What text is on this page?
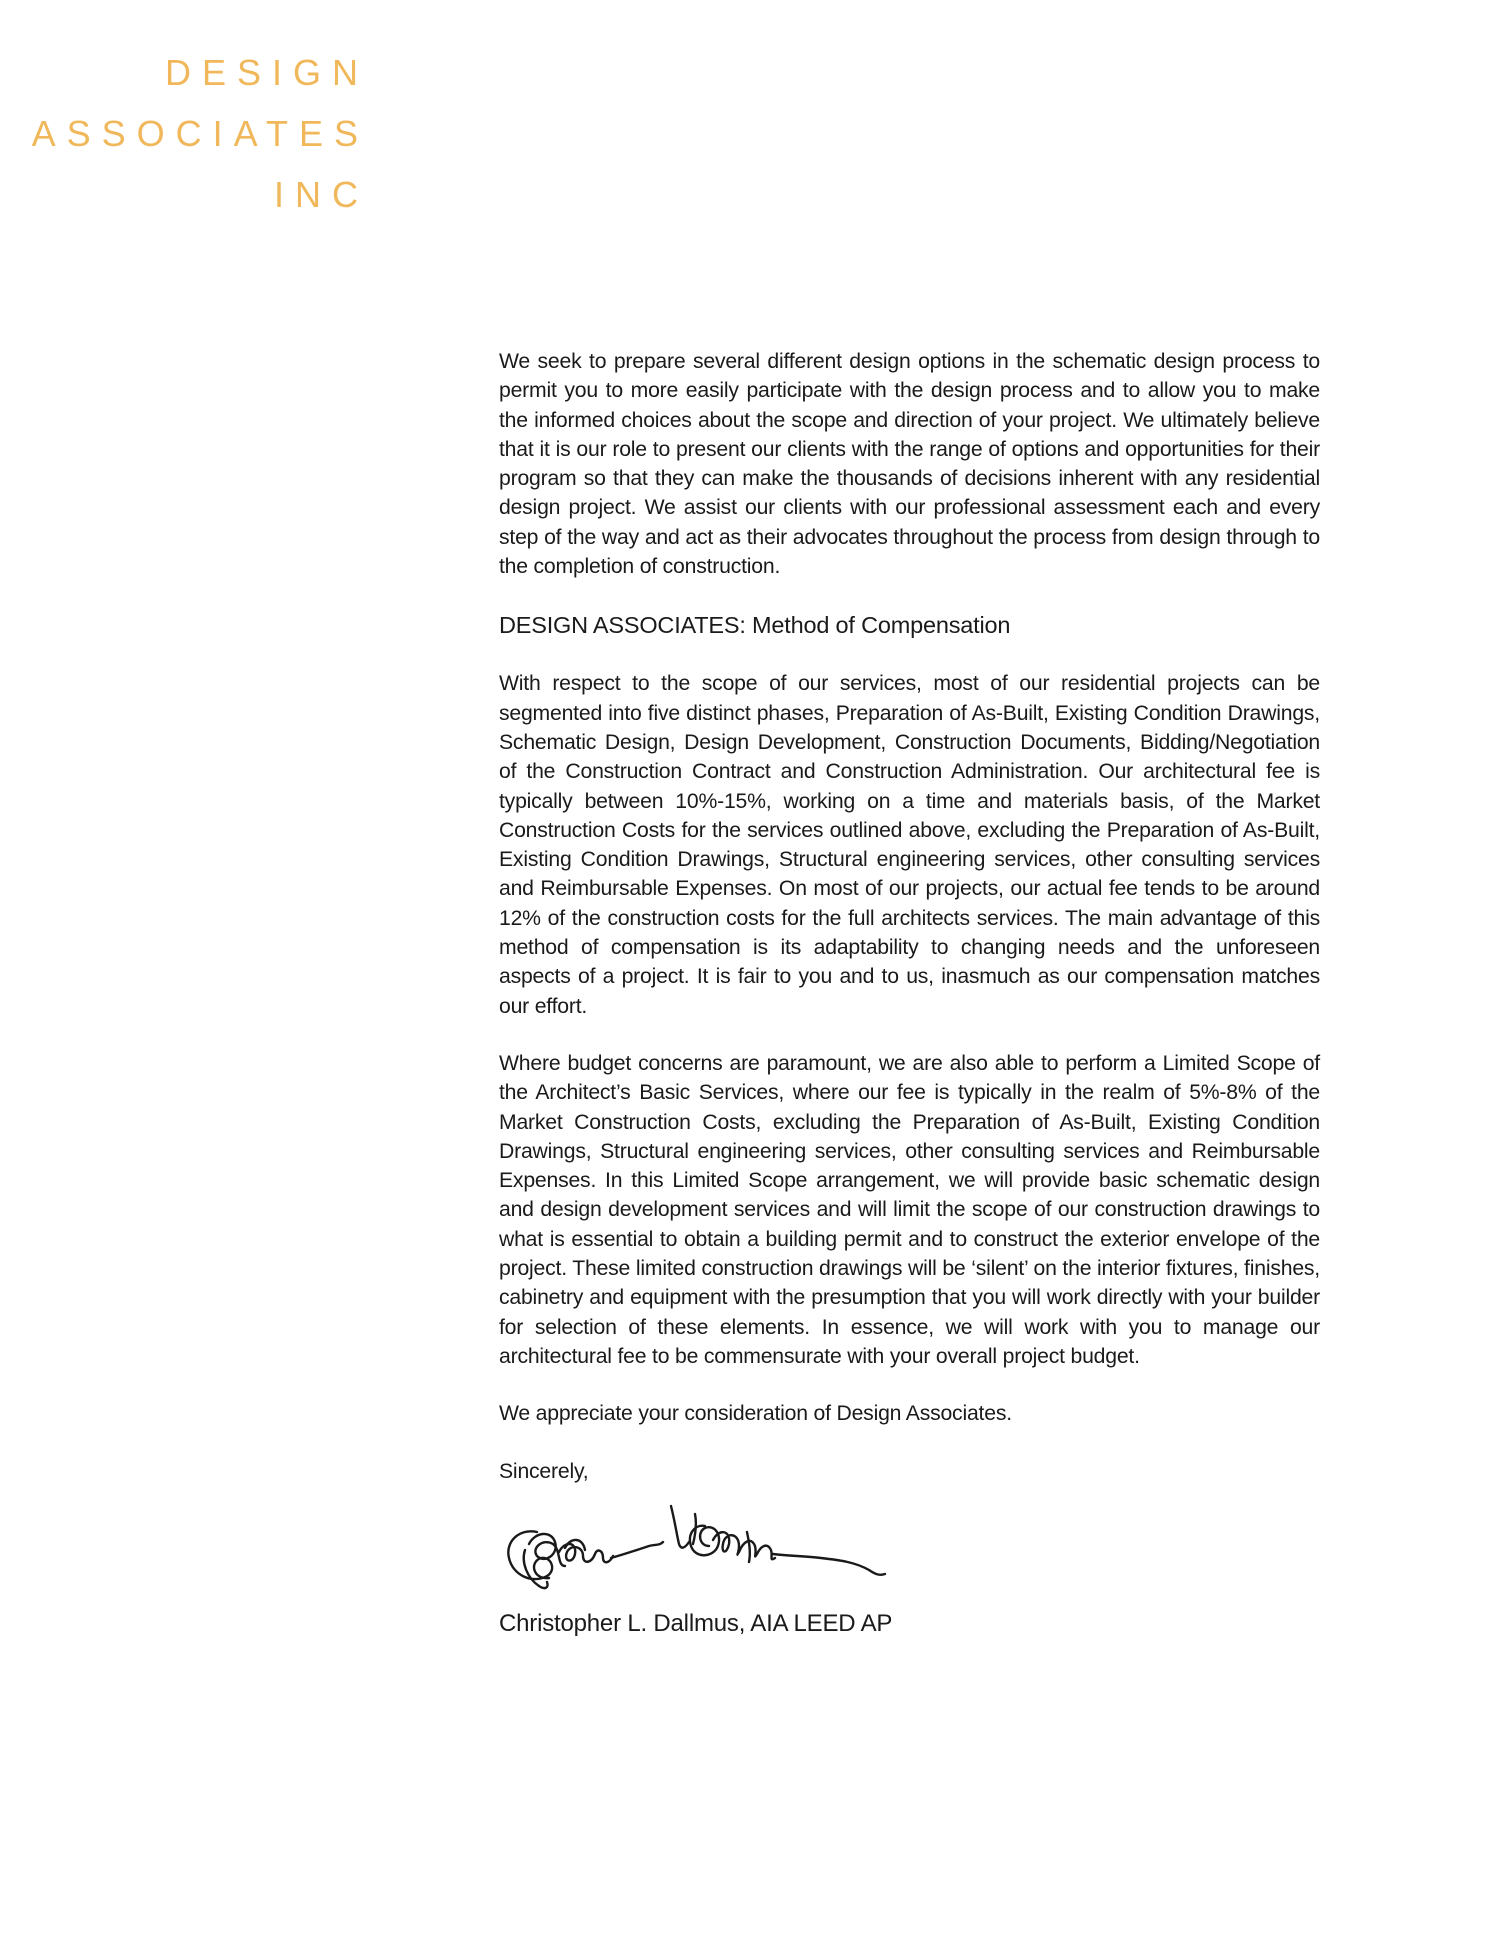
DESIGN
ASSOCIATES
INC

We seek to prepare several different design options in the schematic design process to permit you to more easily participate with the design process and to allow you to make the informed choices about the scope and direction of your project. We ultimately believe that it is our role to present our clients with the range of options and opportunities for their program so that they can make the thousands of decisions inherent with any residential design project. We assist our clients with our professional assessment each and every step of the way and act as their advocates throughout the process from design through to the completion of construction.

DESIGN ASSOCIATES: Method of Compensation

With respect to the scope of our services, most of our residential projects can be segmented into five distinct phases, Preparation of As-Built, Existing Condition Drawings, Schematic Design, Design Development, Construction Documents, Bidding/Negotiation of the Construction Contract and Construction Administration. Our architectural fee is typically between 10%-15%, working on a time and materials basis, of the Market Construction Costs for the services outlined above, excluding the Preparation of As-Built, Existing Condition Drawings, Structural engineering services, other consulting services and Reimbursable Expenses. On most of our projects, our actual fee tends to be around 12% of the construction costs for the full architects services. The main advantage of this method of compensation is its adaptability to changing needs and the unforeseen aspects of a project. It is fair to you and to us, inasmuch as our compensation matches our effort.

Where budget concerns are paramount, we are also able to perform a Limited Scope of the Architect’s Basic Services, where our fee is typically in the realm of 5%-8% of the Market Construction Costs, excluding the Preparation of As-Built, Existing Condition Drawings, Structural engineering services, other consulting services and Reimbursable Expenses. In this Limited Scope arrangement, we will provide basic schematic design and design development services and will limit the scope of our construction drawings to what is essential to obtain a building permit and to construct the exterior envelope of the project. These limited construction drawings will be ‘silent’ on the interior fixtures, finishes, cabinetry and equipment with the presumption that you will work directly with your builder for selection of these elements. In essence, we will work with you to manage our architectural fee to be commensurate with your overall project budget.

We appreciate your consideration of Design Associates.

Sincerely,

Christopher L. Dallmus, AIA LEED AP
